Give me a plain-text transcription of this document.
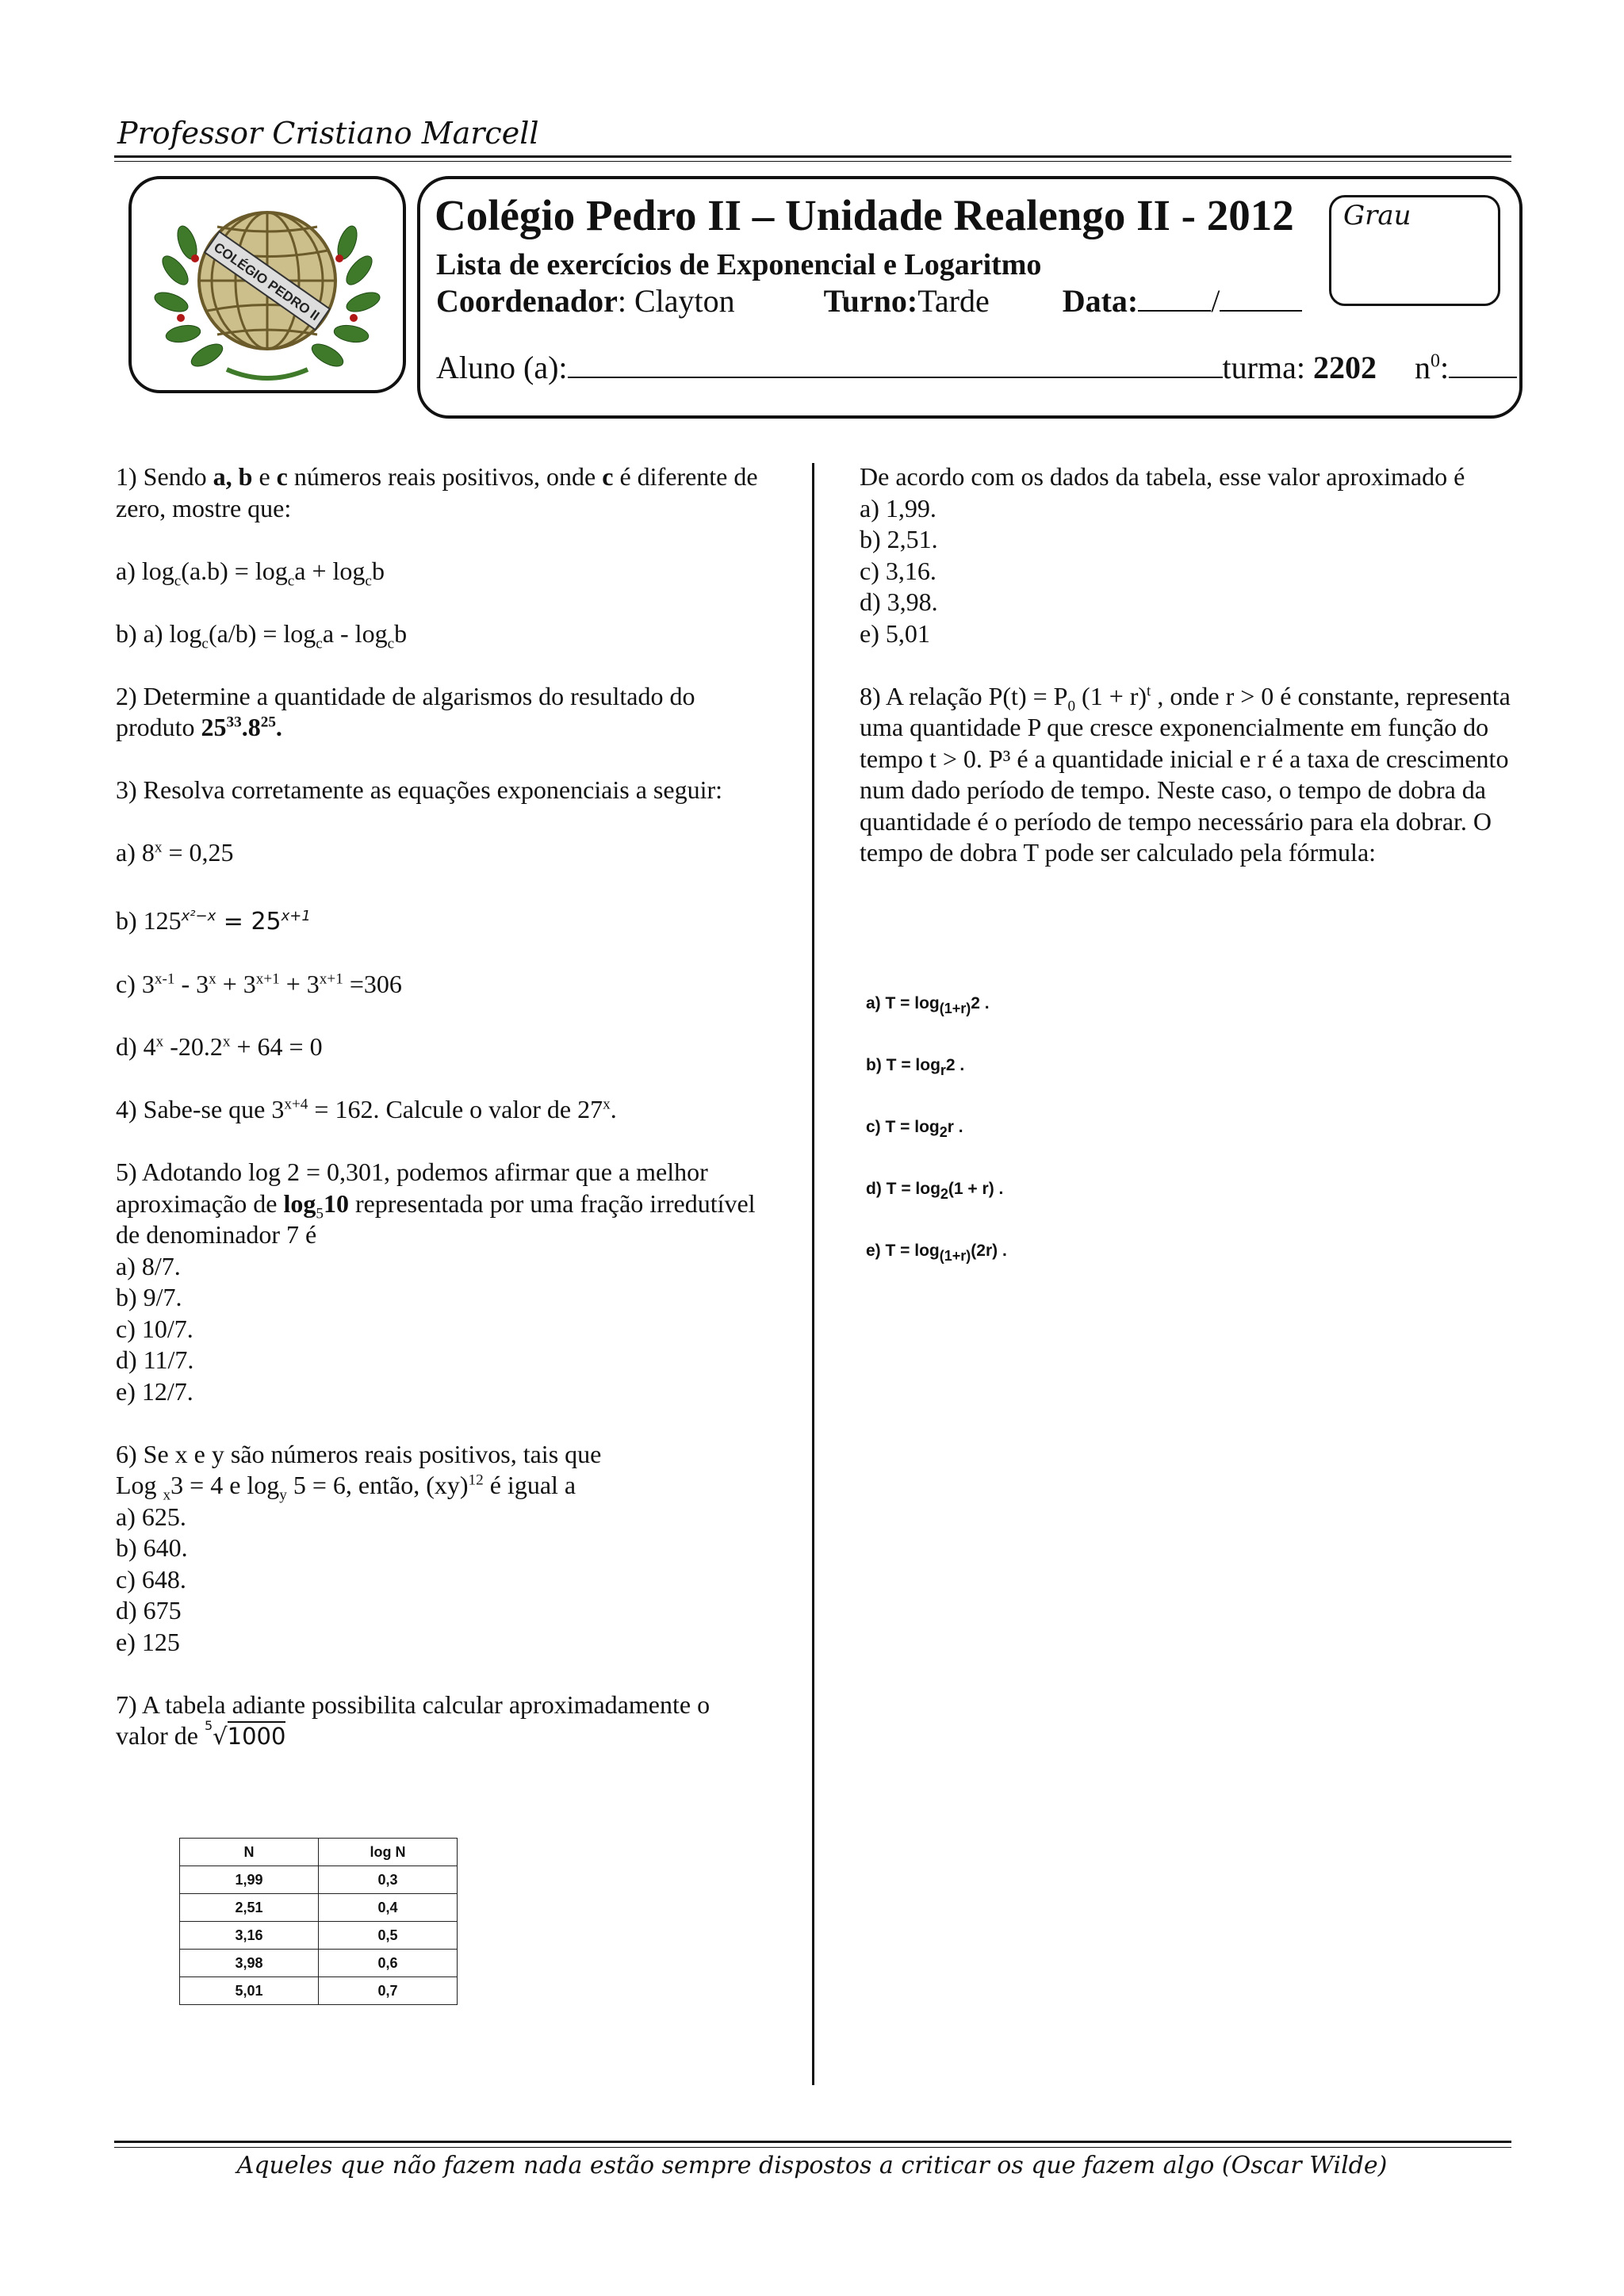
Professor Cristiano Marcell
COLÉGIO PEDRO II
Colégio Pedro II – Unidade Realengo II - 2012
Lista de exercícios de Exponencial e Logaritmo
Coordenador: Clayton	Turno:Tarde Data: /
Aluno (a):	turma: 2202 $n^0$:
Grau

1) Sendo a, b e c números reais positivos, onde c é diferente de zero, mostre que:

a) $\log_c(a.b) = \log_ca + \log_cb$

b) a) $\log_c(a/b) = \log_ca - \log_cb$

2) Determine a quantidade de algarismos do resultado do produto $25^{33}.8^{25}$.

3) Resolva corretamente as equações exponenciais a seguir:

a) $8^x = 0,25$

b) $125^{x^2-x} = 25^{x+1}$

c) $3^{x-1} - 3^x + 3^{x+1} + 3^{x+1} =306$

d) 4$^x$ $-20.2^x + 64 = 0$

4) Sabe-se que $3^{x+4} = 162$. Calcule o valor de 27$^x$.

5) Adotando log 2 = 0,301, podemos afirmar que a melhor aproximação de $\log_510$ representada por uma fração irredutível de denominador 7 é

a) 8/7.

b) 9/7.

c) 10/7.

d) 11/7.

e) 12/7.

6) Se x e y são números reais positivos, tais que

Log $_x$3 = 4 e $\log_y 5 = 6$, então, (xy)$^{12}$ é igual a

a) 625.

b) 640.

c) 648.

d) 675

e) 125

7) A tabela adiante possibilita calcular aproximadamente o valor de $^5$√1000

N	log N
1,99	0,3
2,51	0,4
3,16	0,5
3,98	0,6
5,01	0,7

De acordo com os dados da tabela, esse valor aproximado é

a) 1,99.

b) 2,51.

c) 3,16.

d) 3,98.

e) 5,01

8) A relação $P(t) = P_0$ $(1 + r)^t$ , onde r > 0 é constante, representa uma quantidade P que cresce exponencialmente em função do tempo t > 0. P³ é a quantidade inicial e r é a taxa de crescimento num dado período de tempo. Neste caso, o tempo de dobra da quantidade é o período de tempo necessário para ela dobrar. O tempo de dobra T pode ser calculado pela fórmula:

a) $T = \log_{(1+r)}2$ .
b) $T = \log_r2$ .
c) $T = \log_2r$ .
d) $T = \log_2(1 + r)$ .
e) $T = \log_{(1+r)}(2r)$ .
Aqueles que não fazem nada estão sempre dispostos a criticar os que fazem algo (Oscar Wilde)
